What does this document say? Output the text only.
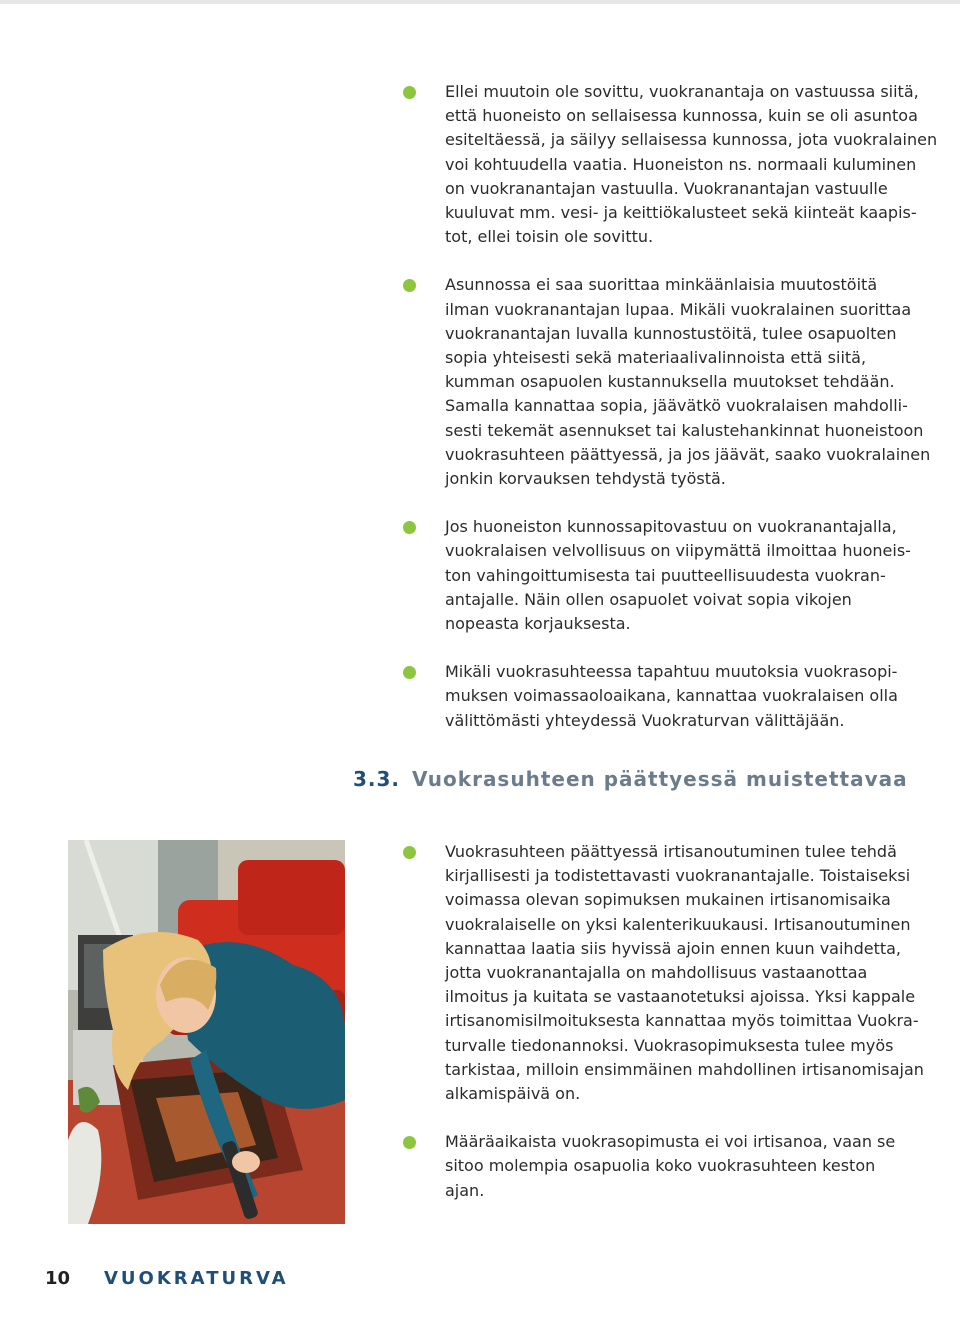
Ellei muutoin ole sovittu, vuokranantaja on vastuussa siitä,
että huoneisto on sellaisessa kunnossa, kuin se oli asuntoa
esiteltäessä, ja säilyy sellaisessa kunnossa, jota vuokralainen
voi kohtuudella vaatia. Huoneiston ns. normaali kuluminen
on vuokranantajan vastuulla. Vuokranantajan vastuulle
kuuluvat mm. vesi- ja keittiökalusteet sekä kiinteät kaapis-
tot, ellei toisin ole sovittu.

Asunnossa ei saa suorittaa minkäänlaisia muutostöitä
ilman vuokranantajan lupaa. Mikäli vuokralainen suorittaa
vuokranantajan luvalla kunnostustöitä, tulee osapuolten
sopia yhteisesti sekä materiaalivalinnoista että siitä,
kumman osapuolen kustannuksella muutokset tehdään.
Samalla kannattaa sopia, jäävätkö vuokralaisen mahdolli-
sesti tekemät asennukset tai kalustehankinnat huoneistoon
vuokrasuhteen päättyessä, ja jos jäävät, saako vuokralainen
jonkin korvauksen tehdystä työstä.

Jos huoneiston kunnossapitovastuu on vuokranantajalla,
vuokralaisen velvollisuus on viipymättä ilmoittaa huoneis-
ton vahingoittumisesta tai puutteellisuudesta vuokran-
antajalle. Näin ollen osapuolet voivat sopia vikojen
nopeasta korjauksesta.

Mikäli vuokrasuhteessa tapahtuu muutoksia vuokrasopi-
muksen voimassaoloaikana, kannattaa vuokralaisen olla
välittömästi yhteydessä Vuokraturvan välittäjään.

3.3. Vuokrasuhteen päättyessä muistettavaa

Vuokrasuhteen päättyessä irtisanoutuminen tulee tehdä
kirjallisesti ja todistettavasti vuokranantajalle. Toistaiseksi
voimassa olevan sopimuksen mukainen irtisanomisaika
vuokralaiselle on yksi kalenterikuukausi. Irtisanoutuminen
kannattaa laatia siis hyvissä ajoin ennen kuun vaihdetta,
jotta vuokranantajalla on mahdollisuus vastaanottaa
ilmoitus ja kuitata se vastaanotetuksi ajoissa. Yksi kappale
irtisanomisilmoituksesta kannattaa myös toimittaa Vuokra-
turvalle tiedonannoksi. Vuokrasopimuksesta tulee myös
tarkistaa, milloin ensimmäinen mahdollinen irtisanomisajan
alkamispäivä on.

Määräaikaista vuokrasopimusta ei voi irtisanoa, vaan se
sitoo molempia osapuolia koko vuokrasuhteen keston
ajan.

10 VUOKRATURVA
